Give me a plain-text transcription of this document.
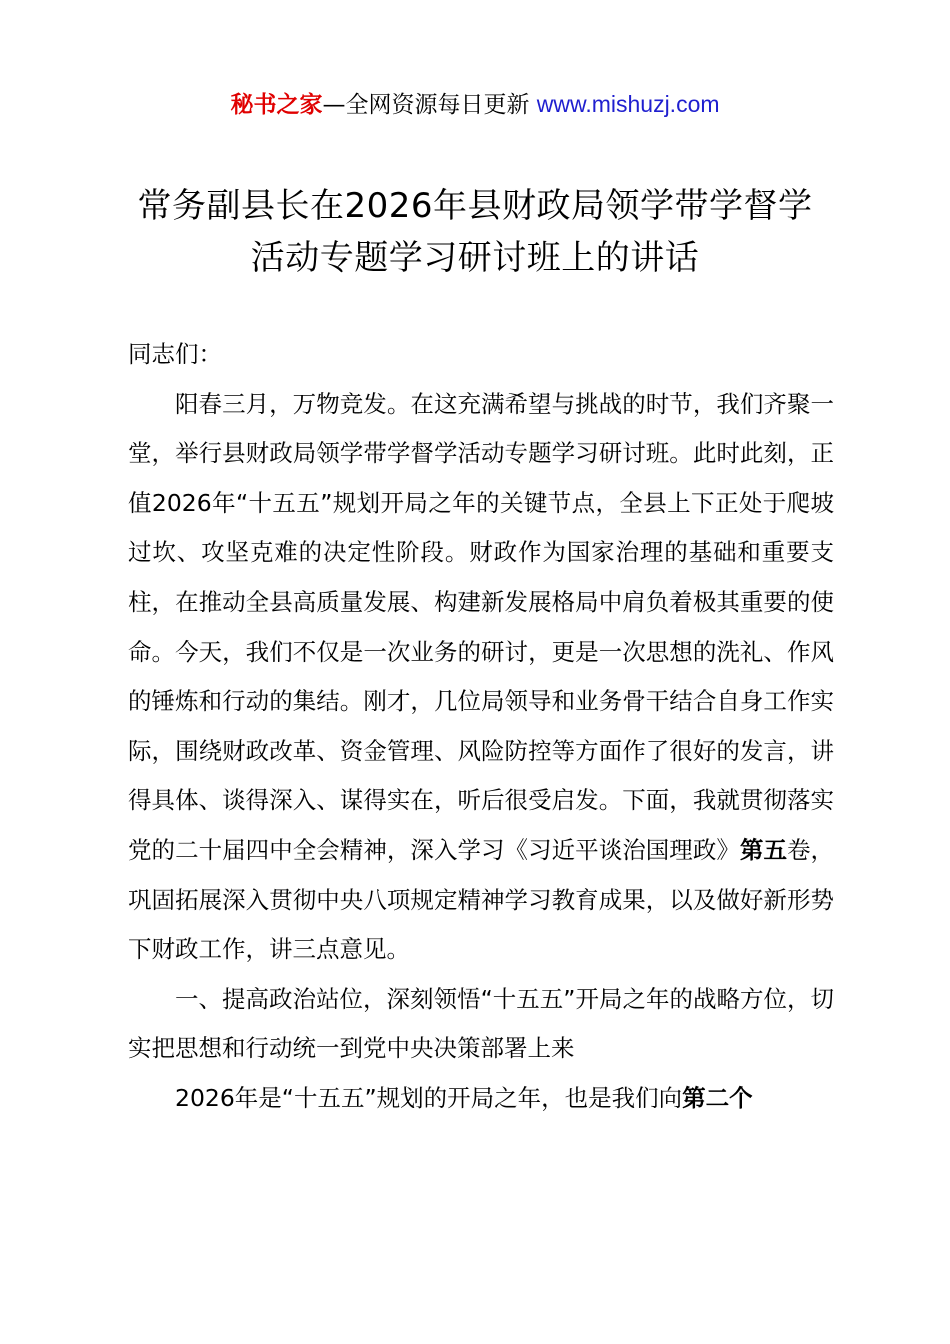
秘书之家—全网资源每日更新 www.mishuzj.com
常务副县长在2026年县财政局领学带学督学
活动专题学习研讨班上的讲话

同志们：

阳春三月，万物竞发。在这充满希望与挑战的时节，我们齐聚一堂，举行县财政局领学带学督学活动专题学习研讨班。此时此刻，正值2026年“十五五”规划开局之年的关键节点，全县上下正处于爬坡过坎、攻坚克难的决定性阶段。财政作为国家治理的基础和重要支柱，在推动全县高质量发展、构建新发展格局中肩负着极其重要的使命。今天，我们不仅是一次业务的研讨，更是一次思想的洗礼、作风的锤炼和行动的集结。刚才，几位局领导和业务骨干结合自身工作实际，围绕财政改革、资金管理、风险防控等方面作了很好的发言，讲得具体、谈得深入、谋得实在，听后很受启发。下面，我就贯彻落实党的二十届四中全会精神，深入学习《习近平谈治国理政》第五卷，巩固拓展深入贯彻中央八项规定精神学习教育成果，以及做好新形势下财政工作，讲三点意见。

一、提高政治站位，深刻领悟“十五五”开局之年的战略方位，切实把思想和行动统一到党中央决策部署上来

2026年是“十五五”规划的开局之年，也是我们向第二个
